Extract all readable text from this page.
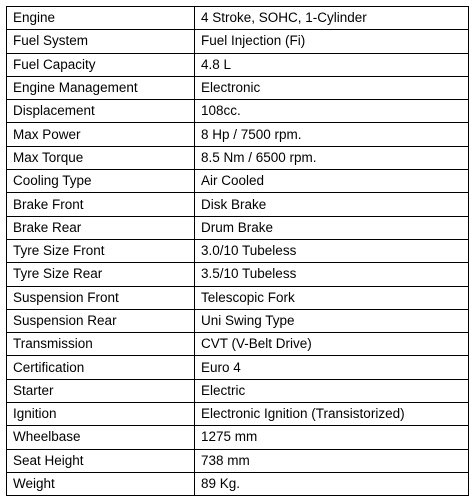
Engine	4 Stroke, SOHC, 1-Cylinder
Fuel System	Fuel Injection (Fi)
Fuel Capacity	4.8 L
Engine Management	Electronic
Displacement	108cc.
Max Power	8 Hp / 7500 rpm.
Max Torque	8.5 Nm / 6500 rpm.
Cooling Type	Air Cooled
Brake Front	Disk Brake
Brake Rear	Drum Brake
Tyre Size Front	3.0/10 Tubeless
Tyre Size Rear	3.5/10 Tubeless
Suspension Front	Telescopic Fork
Suspension Rear	Uni Swing Type
Transmission	CVT (V-Belt Drive)
Certification	Euro 4
Starter	Electric
Ignition	Electronic Ignition (Transistorized)
Wheelbase	1275 mm
Seat Height	738 mm
Weight	89 Kg.
